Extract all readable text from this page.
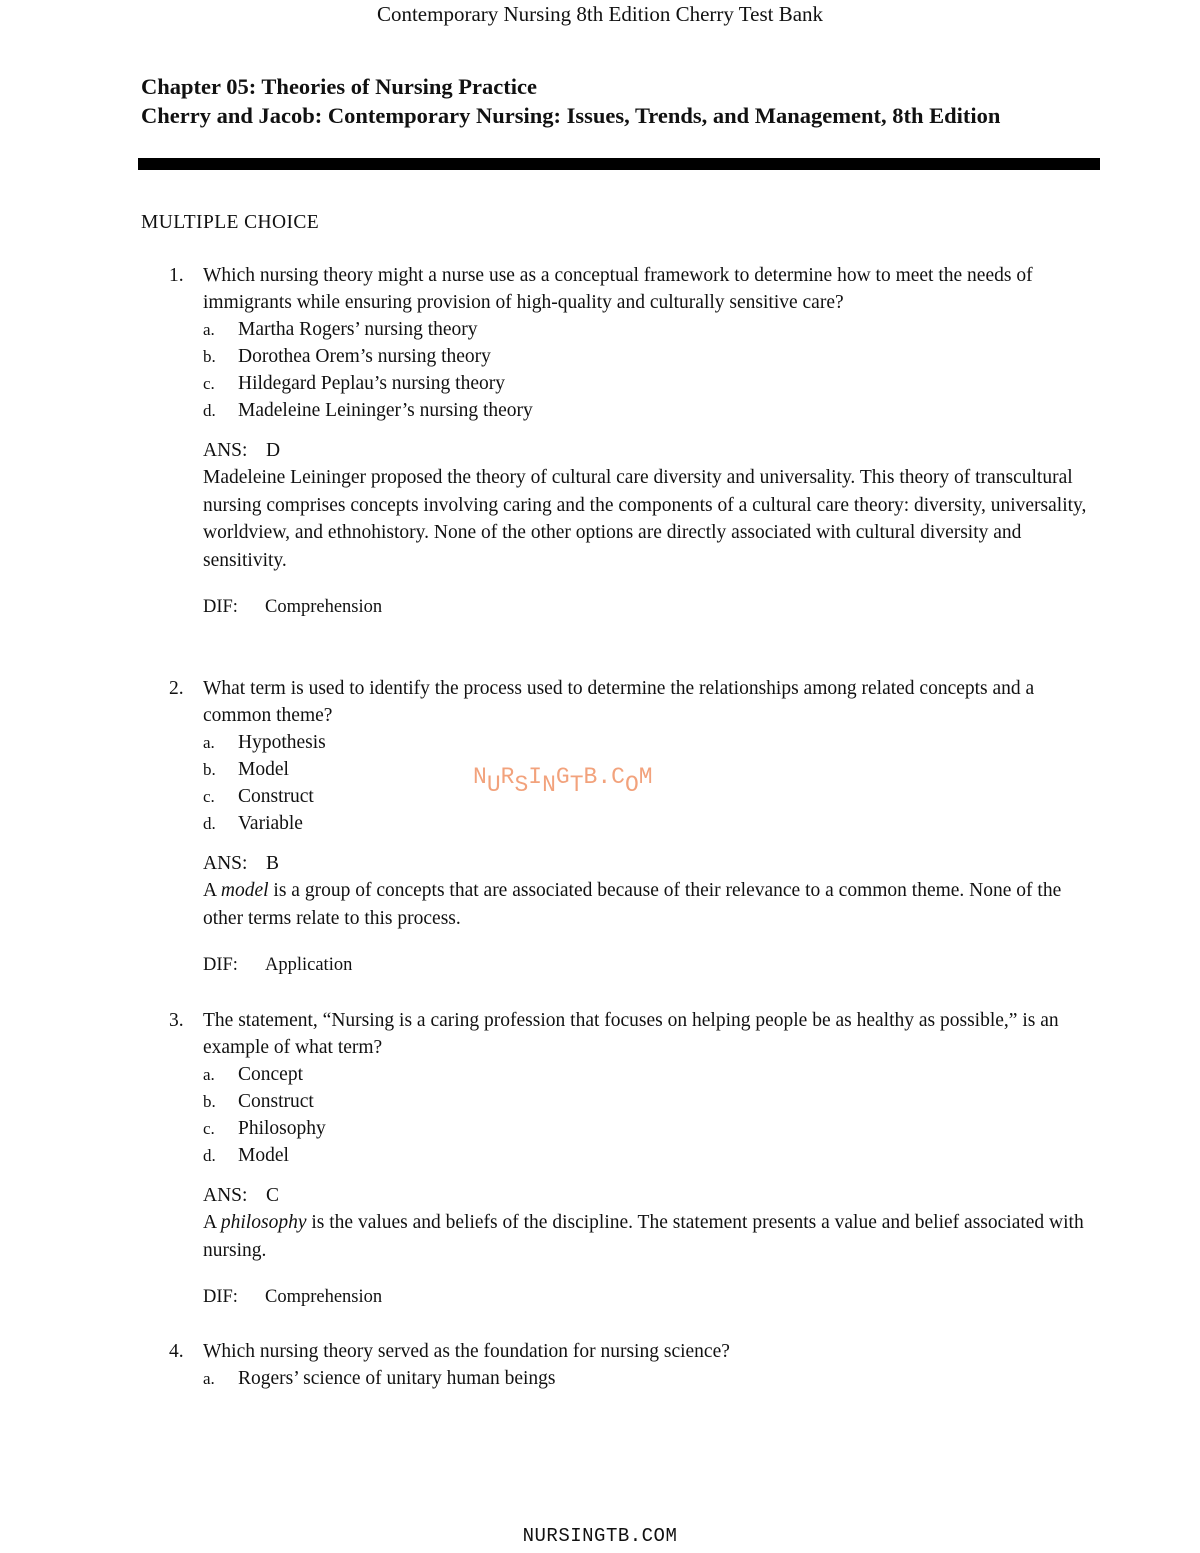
Contemporary Nursing 8th Edition Cherry Test Bank
Chapter 05: Theories of Nursing Practice
Cherry and Jacob: Contemporary Nursing: Issues, Trends, and Management, 8th Edition
MULTIPLE CHOICE
1. Which nursing theory might a nurse use as a conceptual framework to determine how to meet the needs of immigrants while ensuring provision of high-quality and culturally sensitive care?
a. Martha Rogers’ nursing theory
b. Dorothea Orem’s nursing theory
c. Hildegard Peplau’s nursing theory
d. Madeleine Leininger’s nursing theory
ANS: D
Madeleine Leininger proposed the theory of cultural care diversity and universality. This theory of transcultural nursing comprises concepts involving caring and the components of a cultural care theory: diversity, universality, worldview, and ethnohistory. None of the other options are directly associated with cultural diversity and sensitivity.
DIF: Comprehension
2. What term is used to identify the process used to determine the relationships among related concepts and a common theme?
a. Hypothesis
b. Model
c. Construct
d. Variable
ANS: B
A model is a group of concepts that are associated because of their relevance to a common theme. None of the other terms relate to this process.
DIF: Application
3. The statement, “Nursing is a caring profession that focuses on helping people be as healthy as possible,” is an example of what term?
a. Concept
b. Construct
c. Philosophy
d. Model
ANS: C
A philosophy is the values and beliefs of the discipline. The statement presents a value and belief associated with nursing.
DIF: Comprehension
4. Which nursing theory served as the foundation for nursing science?
a. Rogers’ science of unitary human beings
NURSINGTB.COM
NURSINGTB.COM
